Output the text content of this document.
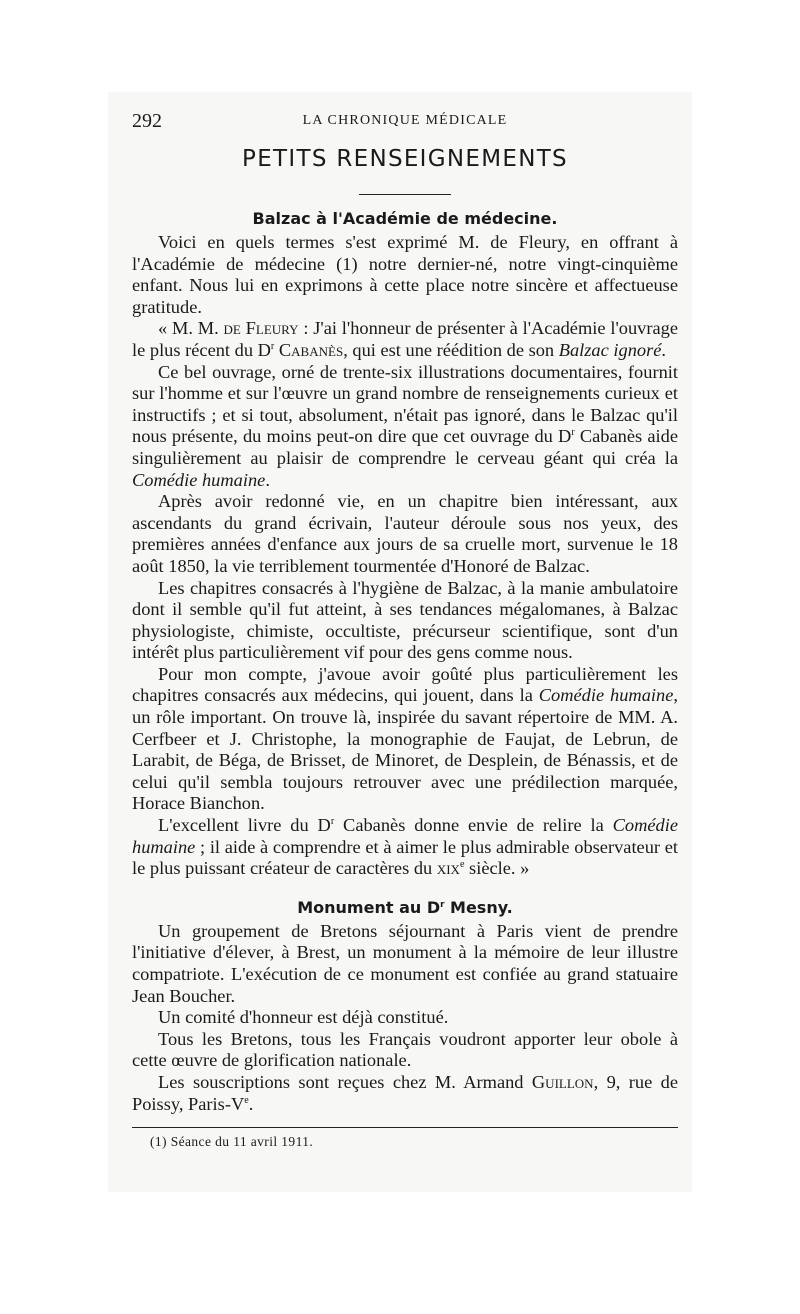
292	LA CHRONIQUE MÉDICALE
PETITS RENSEIGNEMENTS
Balzac à l'Académie de médecine.

Voici en quels termes s'est exprimé M. de Fleury, en offrant à l'Académie de médecine (1) notre dernier-né, notre vingt-cinquième enfant. Nous lui en exprimons à cette place notre sincère et affectueuse gratitude.

« M. M. de Fleury : J'ai l'honneur de présenter à l'Académie l'ouvrage le plus récent du $D^r$ Cabanès, qui est une réédition de son Balzac ignoré.

Ce bel ouvrage, orné de trente-six illustrations documentaires, fournit sur l'homme et sur l'œuvre un grand nombre de renseignements curieux et instructifs ; et si tout, absolument, n'était pas ignoré, dans le Balzac qu'il nous présente, du moins peut-on dire que cet ouvrage du $D^r$ Cabanès aide singulièrement au plaisir de comprendre le cerveau géant qui créa la Comédie humaine.

Après avoir redonné vie, en un chapitre bien intéressant, aux ascendants du grand écrivain, l'auteur déroule sous nos yeux, des premières années d'enfance aux jours de sa cruelle mort, survenue le 18 août 1850, la vie terriblement tourmentée d'Honoré de Balzac.

Les chapitres consacrés à l'hygiène de Balzac, à la manie ambulatoire dont il semble qu'il fut atteint, à ses tendances mégalomanes, à Balzac physiologiste, chimiste, occultiste, précurseur scientifique, sont d'un intérêt plus particulièrement vif pour des gens comme nous.

Pour mon compte, j'avoue avoir goûté plus particulièrement les chapitres consacrés aux médecins, qui jouent, dans la Comédie humaine, un rôle important. On trouve là, inspirée du savant répertoire de MM. A. Cerfbeer et J. Christophe, la monographie de Faujat, de Lebrun, de Larabit, de Béga, de Brisset, de Minoret, de Desplein, de Bénassis, et de celui qu'il sembla toujours retrouver avec une prédilection marquée, Horace Bianchon.

L'excellent livre du $D^r$ Cabanès donne envie de relire la Comédie humaine ; il aide à comprendre et à aimer le plus admirable observateur et le plus puissant créateur de caractères du xix$^e$ siècle. »

Monument au $D^r$ Mesny.

Un groupement de Bretons séjournant à Paris vient de prendre l'initiative d'élever, à Brest, un monument à la mémoire de leur illustre compatriote. L'exécution de ce monument est confiée au grand statuaire Jean Boucher.

Un comité d'honneur est déjà constitué.

Tous les Bretons, tous les Français voudront apporter leur obole à cette œuvre de glorification nationale.

Les souscriptions sont reçues chez M. Armand Guillon, 9, rue de Poissy, Paris-Ve.

(1) Séance du 11 avril 1911.
